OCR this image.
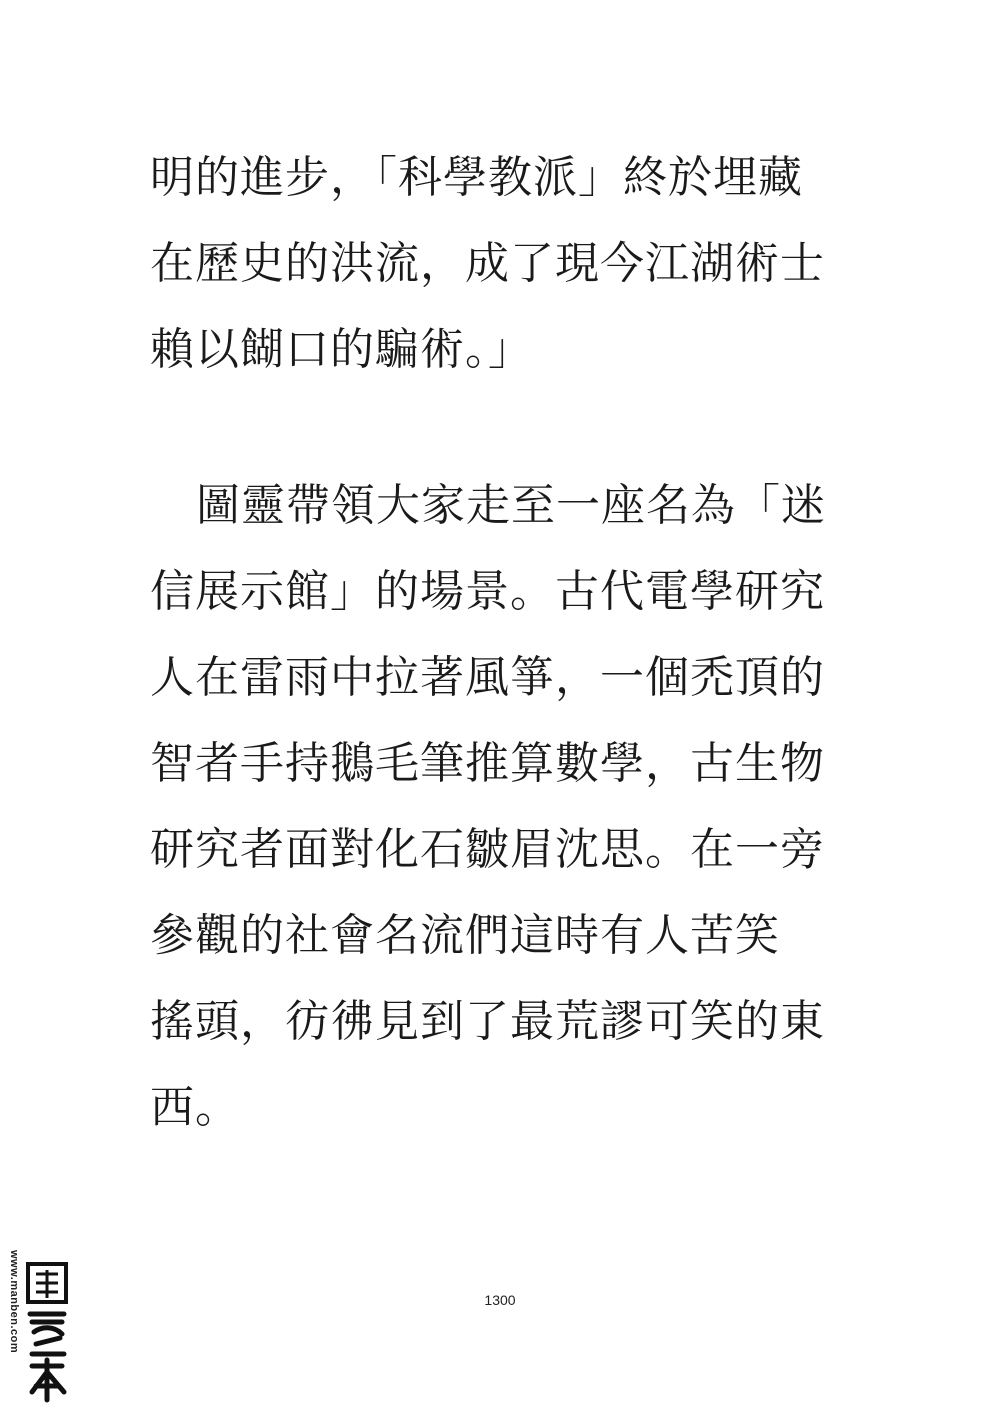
明的進步，「科學教派」終於埋藏
在歷史的洪流，成了現今江湖術士
賴以餬口的騙術。」
圖靈帶領大家走至一座名為「迷
信展示館」的場景。古代電學研究
人在雷雨中拉著風箏，一個禿頂的
智者手持鵝毛筆推算數學，古生物
研究者面對化石皺眉沈思。在一旁
參觀的社會名流們這時有人苦笑
搖頭，彷彿見到了最荒謬可笑的東
西。
1300
www.manben.com
